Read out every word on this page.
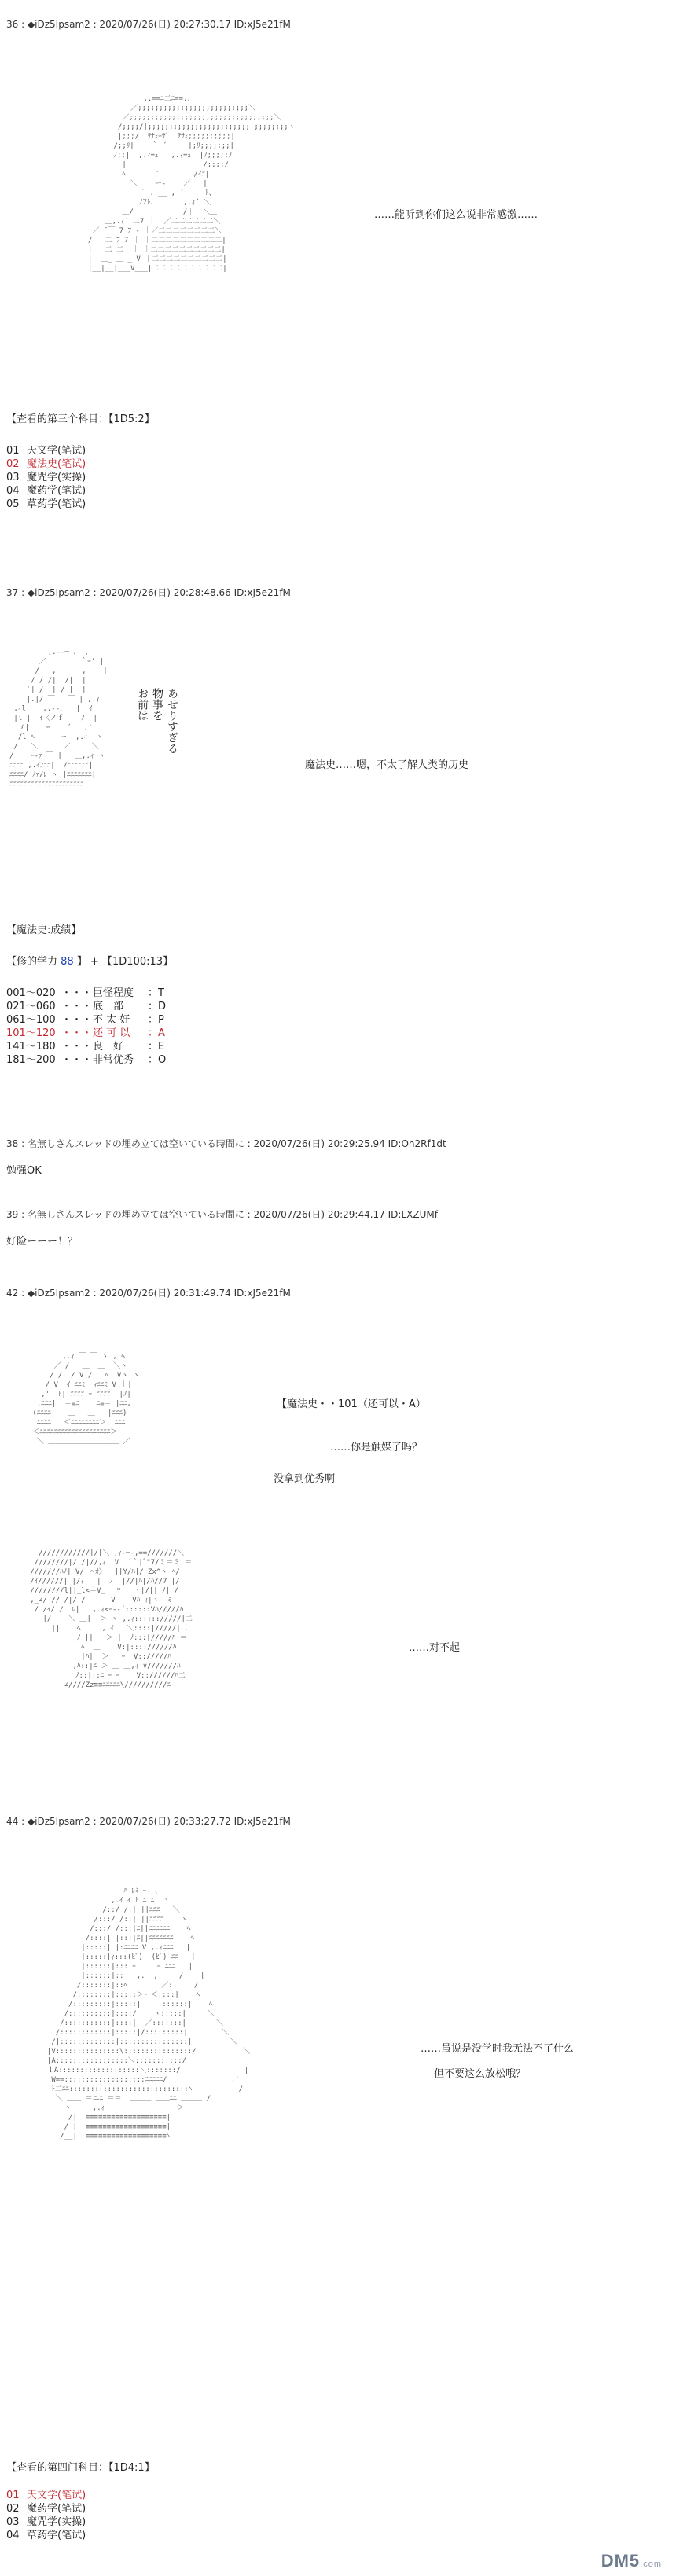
36 : ◆iDz5Ipsam2 : 2020/07/26(日) 20:27:30.17 ID:xJ5e21fM
,.==ﾆ二ﾆ==.、
／;;;;;;;;;;;;;;;;;;;;;;;;;;＼
／;;;;;;;;;;;;;;;;;;;;;;;;;;;;;;;;;;＼
/;;;;/|;;;;;;;;;;;;;;;;;;;;;;;;|;;;;;;;;ヽ
|;;;/  ﾃﾅﾐｰｻﾞ  ﾃｻﾐ;;;;;;;;;;|
/;;ﾘ|    ｀ ´     |;ﾘ;;;;;;;|
ﾉ;;|  ,.ｨ=ｭ   ,.ｨ=ｭ  |ﾉ;;;;;ﾉ
|                  /;;;;/
ﾍ       ′        /ｲﾆ|
＼    ー-    ／   |
｀ ､ __ , ´     ﾄ、
ﾉ7ﾄ、      ,.ｨ´ ＼
＿/ ｜ ￣  ￣ ￣/｜  ＼＿
＿,.ｨ´ 二7 ｜  ／二二二二二二＼
／ ̄ ￣ 7 ﾌ ‐ ｜／二二二二二二二二＼
/   二 ﾌ 7 ｜ ｜二二二二二二二二二二|
|   二 二  ｜ ｜二二二二二二二二二二|
|  ＿_ ＿ _ V ｜二二二二二二二二二二|
|__|__|___V___|二二二二二二二二二二|

……能听到你们这么说非常感激……
【查看的第三个科目：【1D5:2】
01 天文学(笔试)
02 魔法史(笔试)
03 魔咒学(实操)
04 魔药学(笔试)
05 草药学(笔试)
37 : ◆iDz5Ipsam2 : 2020/07/26(日) 20:28:48.66 ID:xJ5e21fM
,.--─ ､  ､
／        ｀ｰ' |
/   ,      ,    |
/ / /|  /|  |   |
′| /  | / |  |   |
|.|/ ￣   ￣ | ,.ｨ
,ｨl|   ,.--､   |  ｲ
|l |  ｲ〈ノｆ    ﾉ  |
ゞ|    ｰ    ´   ,'
/l ﾍ      ー  ,.ｨ  ヽ
/   ＼      ／     ＼
/    ｰ-ｧ ￣ |   ＿,.ｨ ヽ
ﾆﾆﾆﾆ ,.ｲﾌﾆﾆ|  /ﾆﾆﾆﾆﾆﾆ|
ﾆﾆﾆﾆ/ ﾉｧ/ﾚ ヽ |ﾆﾆﾆﾆﾆﾆﾆ|
ﾆﾆﾆﾆﾆﾆﾆﾆﾆﾆﾆﾆﾆﾆﾆﾆﾆﾆﾆﾆﾆ

お前は 物事を あせりすぎる
魔法史……嗯，不太了解人类的历史
【魔法史:成绩】
【修的学力 88 】 + 【1D100:13】
001～020 ・・・巨怪程度 ：T
021～060 ・・・底　部 ：D
061～100 ・・・不 太 好 ：P
101～120 ・・・还 可 以 ：A
141～180 ・・・良　好 ：E
181～200 ・・・非常优秀 ：O
38 : 名無しさんスレッドの埋め立ては空いている時間に : 2020/07/26(日) 20:29:25.94 ID:Oh2Rf1dt
勉强OK
39 : 名無しさんスレッドの埋め立ては空いている時間に : 2020/07/26(日) 20:29:44.17 ID:LXZUMf
好险ーーー！？
42 : ◆iDz5Ipsam2 : 2020/07/26(日) 20:31:49.74 ID:xJ5e21fM
,.ｨ ￣ ￣ ヽ ,.ﾍ
／ /   ＿  ＿  ＼ヽ
/ /  / V /   ﾍ  Vヽ ヽ
/ V  ｲ ﾆﾆﾐ  ｨﾆﾆﾐ V ｜|
,'  ﾄ| ﾆﾆﾆﾆ ｰ ﾆﾆﾆﾆ  |ﾉ|
,ﾆﾆﾆ|  ＝≡ﾆ    ﾆ≡＝ |ﾆﾆ,
(ﾆﾆﾆﾆ|   ＿   ＿   |ﾆﾆﾆ)
ﾆﾆﾆﾆ   ＜ﾆﾆﾆﾆﾆﾆﾆﾆ＞  ﾆﾆﾆ
＜ﾆﾆﾆﾆﾆﾆﾆﾆﾆﾆﾆﾆﾆﾆﾆﾆﾆﾆﾆﾆ＞
＼ ＿＿＿＿＿＿＿＿＿＿ ／

【魔法史・・101（还可以・A）
……你是触媒了吗？
没拿到优秀啊
////////////|/|＼_,ｨ-─-,==///////＼
////////|/|/|//,ｨ  V  ´｀|ﾞ"7/ミ＝ミ ＝
///////ﾊﾉ| V/ ＾ｵ〉| ||Y/ﾊ|/ Zx^ヽ ﾍ/
/ｲ//////| |/ｨ|  |  ﾉ  |//|ﾊ|/ﾊ//7 |/
////////l||_l<＝V_ ＿*   ヽ|/|||ﾉ| /
,_∠/ // /|/ /      V    Vﾊ ｨ|ヽ  ﾐ
/ /ｲ/|/  ﾚ|   ,.ｨ<ｰ-‐´::::::Vﾊ/////ﾊ
|/    ＼ ＿|  ＞ ヽ ,.ｨ:::::://///|二
||    ﾍ     ,.ｲ   ＼::::|/////|二
ﾉ ||   ＞ |  ﾉ:::|/////ﾊ ＝
|ﾍ  ＿    V:|:::://////ﾊ
|ﾊ|  ＞   ｰ  V:://///ﾊ
,ﾊ::|ﾆ ＞ ＿ ＿,ｨ ∨///////ﾊ
＿ﾉ::|::ﾆ ｰ ｰ    V:://////ﾊ二
∠////Zz≡≡ﾆﾆﾆﾆﾆ\//////////ﾆ

……对不起
44 : ◆iDz5Ipsam2 : 2020/07/26(日) 20:33:27.72 ID:xJ5e21fM
ﾊ ﾚﾐ ｰ- ､
,.ｲ ｲ ﾄ ﾆ ﾆ  ヽ
/::/ /:| ||ﾆﾆﾆ   ＼
/:::/ /::| ||ﾆﾆﾆﾆ    ヽ
/:::/ /:::|ﾆ||ﾆﾆﾆﾆﾆﾆ    ﾍ
/::::| |:::|ﾆ||ﾆﾆﾆﾆﾆﾆﾆ    ﾍ
|:::::| |:ﾆﾆﾆﾆ V ,.ｨﾆﾆﾆ   |
|:::::|ｨ:::(ﾋﾞ)  (ﾋﾞ) ﾆﾆ   |
|::::::|::: ｰ     ｰ ﾆﾆﾆ   |
|::::::|::   ,.__,     /    |
/:::::::|::ﾍ        ／:|    /
/::::::::|:::::＞ー＜::::|    ﾍ
/:::::::::|:::::|    |::::::|    ﾍ
/::::::::::|::::/    ヽ:::::|     ＼
/:::::::::::|::::|  ／:::::::|       ＼
/::::::::::::|:::::|/:::::::::|        ＼
/|:::::::::::::|::::::::::::::::|         ＼
|V:::::::::::::::\::::::::::::::::/           ＼
|A:::::::::::::::::＼:::::::::::/              |
ｌA:::::::::::::::::::＼:::::::/               |
W==:::::::::::::::::::ﾆﾆﾆﾆﾆ/               ,'
ﾄ二ﾆﾆ::::::::::::::::::::::::::::ﾍ           /
＼ ＿＿ ＝ニﾆ ＝＝  ＿＿＿ ＿＿ﾆﾆ ＿＿＿ /
ヽ     ,.ｨ ￣ ￣ ￣ ￣ ￣ ￣ ＞
/|  ≡≡≡≡≡≡≡≡≡≡≡≡≡≡≡≡≡≡≡|
/ |  ≡≡≡≡≡≡≡≡≡≡≡≡≡≡≡≡≡≡≡|
/__|  ≡≡≡≡≡≡≡≡≡≡≡≡≡≡≡≡≡≡≡ﾍ

……虽说是没学时我无法不了什么
但不要这么放松哦？
【查看的第四门科目：【1D4:1】
01 天文学(笔试)
02 魔药学(笔试)
03 魔咒学(实操)
04 草药学(笔试)
DM5.com
